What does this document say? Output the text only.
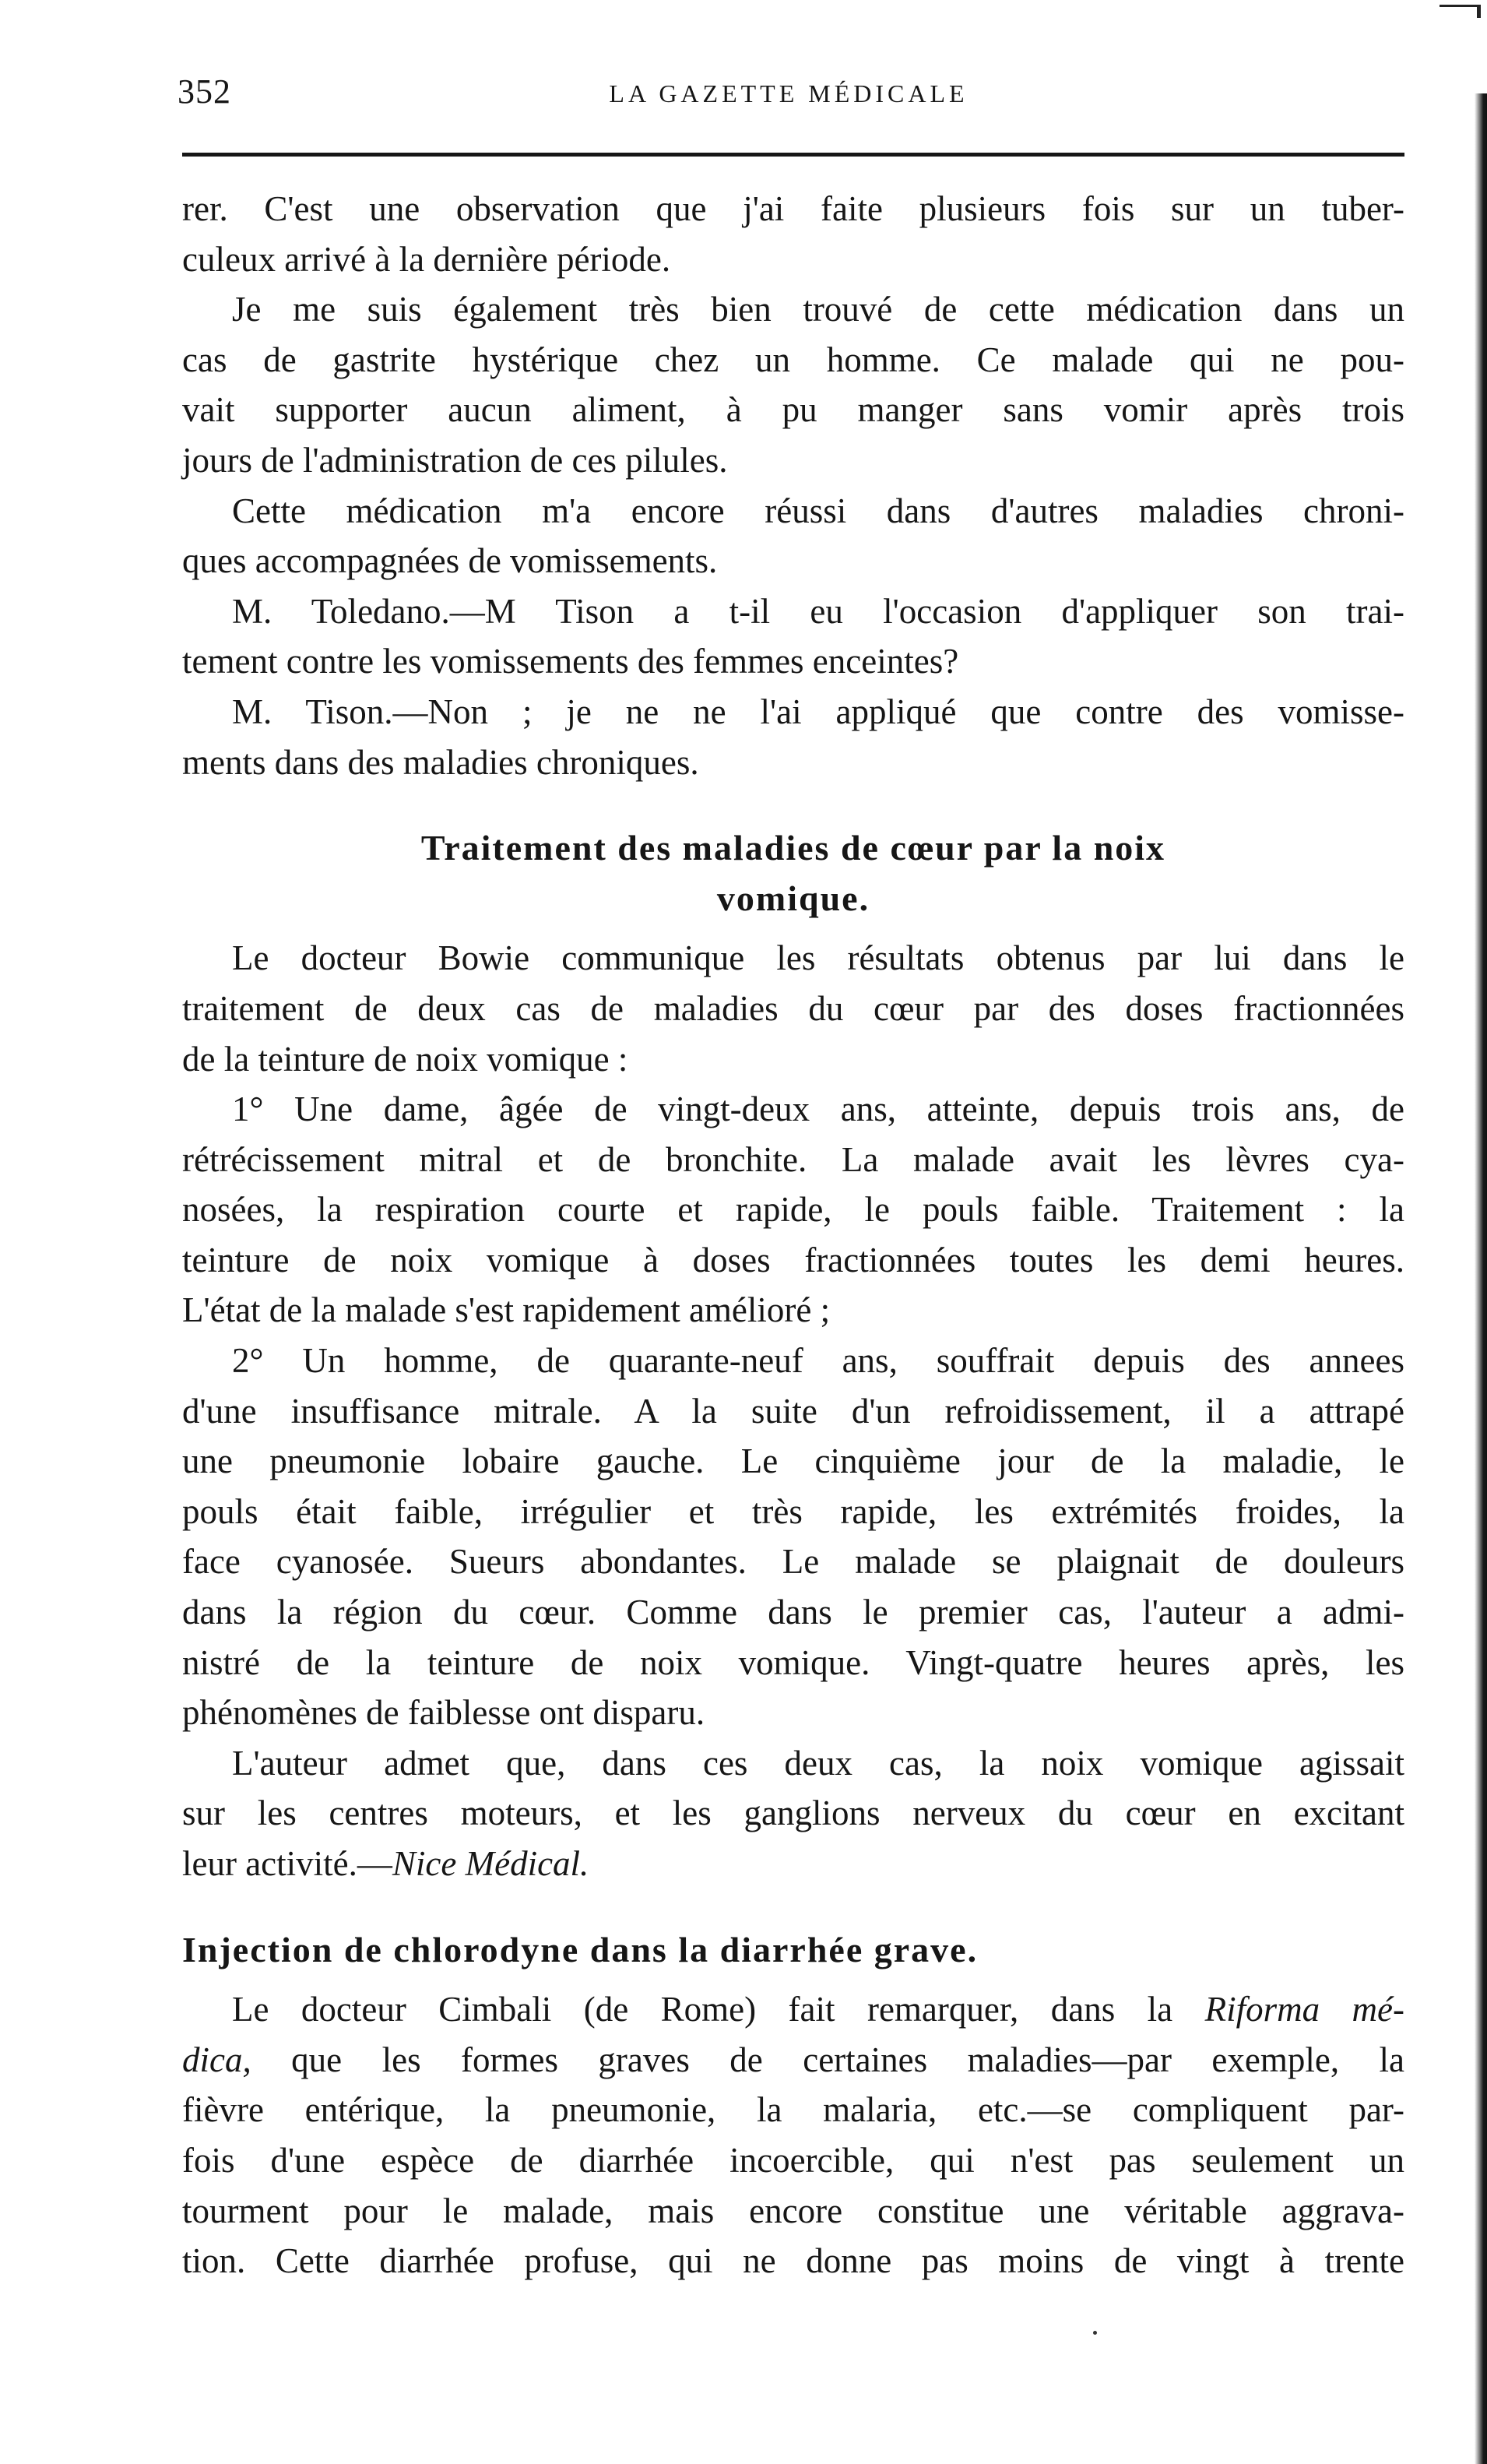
352	LA GAZETTE MÉDICALE
rer. C'est une observation que j'ai faite plusieurs fois sur un tuber-
culeux arrivé à la dernière période.
Je me suis également très bien trouvé de cette médication dans un
cas de gastrite hystérique chez un homme. Ce malade qui ne pou-
vait supporter aucun aliment, à pu manger sans vomir après trois
jours de l'administration de ces pilules.
Cette médication m'a encore réussi dans d'autres maladies chroni-
ques accompagnées de vomissements.
M. Toledano.—M Tison a t-il eu l'occasion d'appliquer son trai-
tement contre les vomissements des femmes enceintes?
M. Tison.—Non ; je ne ne l'ai appliqué que contre des vomisse-
ments dans des maladies chroniques.
Traitement des maladies de cœur par la noix
vomique.
Le docteur Bowie communique les résultats obtenus par lui dans le
traitement de deux cas de maladies du cœur par des doses fractionnées
de la teinture de noix vomique :
1° Une dame, âgée de vingt-deux ans, atteinte, depuis trois ans, de
rétrécissement mitral et de bronchite. La malade avait les lèvres cya-
nosées, la respiration courte et rapide, le pouls faible. Traitement : la
teinture de noix vomique à doses fractionnées toutes les demi heures.
L'état de la malade s'est rapidement amélioré ;
2° Un homme, de quarante-neuf ans, souffrait depuis des annees
d'une insuffisance mitrale. A la suite d'un refroidissement, il a attrapé
une pneumonie lobaire gauche. Le cinquième jour de la maladie, le
pouls était faible, irrégulier et très rapide, les extrémités froides, la
face cyanosée. Sueurs abondantes. Le malade se plaignait de douleurs
dans la région du cœur. Comme dans le premier cas, l'auteur a admi-
nistré de la teinture de noix vomique. Vingt-quatre heures après, les
phénomènes de faiblesse ont disparu.
L'auteur admet que, dans ces deux cas, la noix vomique agissait
sur les centres moteurs, et les ganglions nerveux du cœur en excitant
leur activité.—Nice Médical.
Injection de chlorodyne dans la diarrhée grave.
Le docteur Cimbali (de Rome) fait remarquer, dans la Riforma mé-
dica, que les formes graves de certaines maladies—par exemple, la
fièvre entérique, la pneumonie, la malaria, etc.—se compliquent par-
fois d'une espèce de diarrhée incoercible, qui n'est pas seulement un
tourment pour le malade, mais encore constitue une véritable aggrava-
tion. Cette diarrhée profuse, qui ne donne pas moins de vingt à trente
